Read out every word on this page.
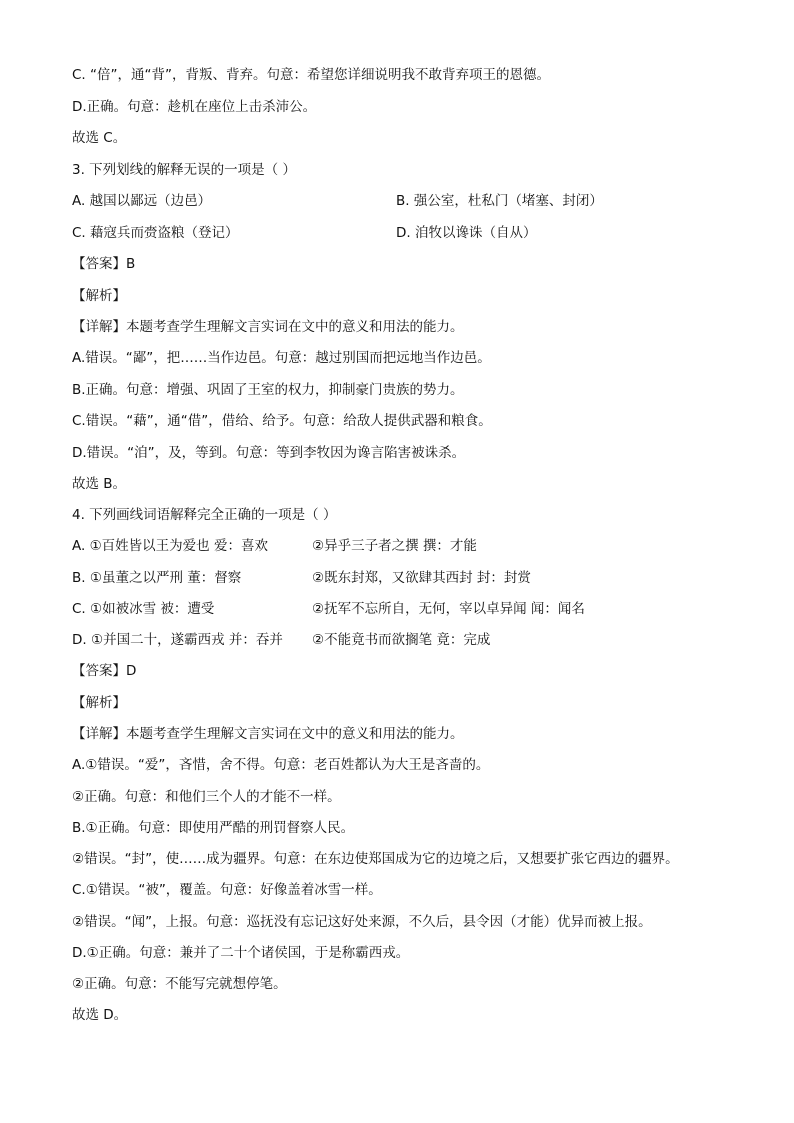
C. “倍”，通“背”，背叛、背弃。句意：希望您详细说明我不敢背弃项王的恩德。
D.正确。句意：趁机在座位上击杀沛公。
故选 C。
3. 下列划线的解释无误的一项是（ ）
A. 越国以鄙远（边邑）	B. 强公室，杜私门（堵塞、封闭）
C. 藉寇兵而赍盗粮（登记）	D. 洎牧以谗诛（自从）
【答案】B
【解析】
【详解】本题考查学生理解文言实词在文中的意义和用法的能力。
A.错误。“鄙”，把……当作边邑。句意：越过别国而把远地当作边邑。
B.正确。句意：增强、巩固了王室的权力，抑制豪门贵族的势力。
C.错误。“藉”，通“借”，借给、给予。句意：给敌人提供武器和粮食。
D.错误。“洎”，及，等到。句意：等到李牧因为谗言陷害被诛杀。
故选 B。
4. 下列画线词语解释完全正确的一项是（ ）
A. ①百姓皆以王为爱也 爱：喜欢	②异乎三子者之撰 撰：才能
B. ①虽董之以严刑 董：督察	②既东封郑，又欲肆其西封 封：封赏
C. ①如被冰雪 被：遭受	②抚军不忘所自，无何，宰以卓异闻 闻：闻名
D. ①并国二十，遂霸西戎 并：吞并 ②不能竟书而欲搁笔 竟：完成
【答案】D
【解析】
【详解】本题考查学生理解文言实词在文中的意义和用法的能力。
A.①错误。“爱”，吝惜，舍不得。句意：老百姓都认为大王是吝啬的。
②正确。句意：和他们三个人的才能不一样。
B.①正确。句意：即使用严酷的刑罚督察人民。
②错误。“封”，使……成为疆界。句意：在东边使郑国成为它的边境之后，又想要扩张它西边的疆界。
C.①错误。“被”，覆盖。句意：好像盖着冰雪一样。
②错误。“闻”，上报。句意：巡抚没有忘记这好处来源，不久后，县令因（才能）优异而被上报。
D.①正确。句意：兼并了二十个诸侯国，于是称霸西戎。
②正确。句意：不能写完就想停笔。
故选 D。
